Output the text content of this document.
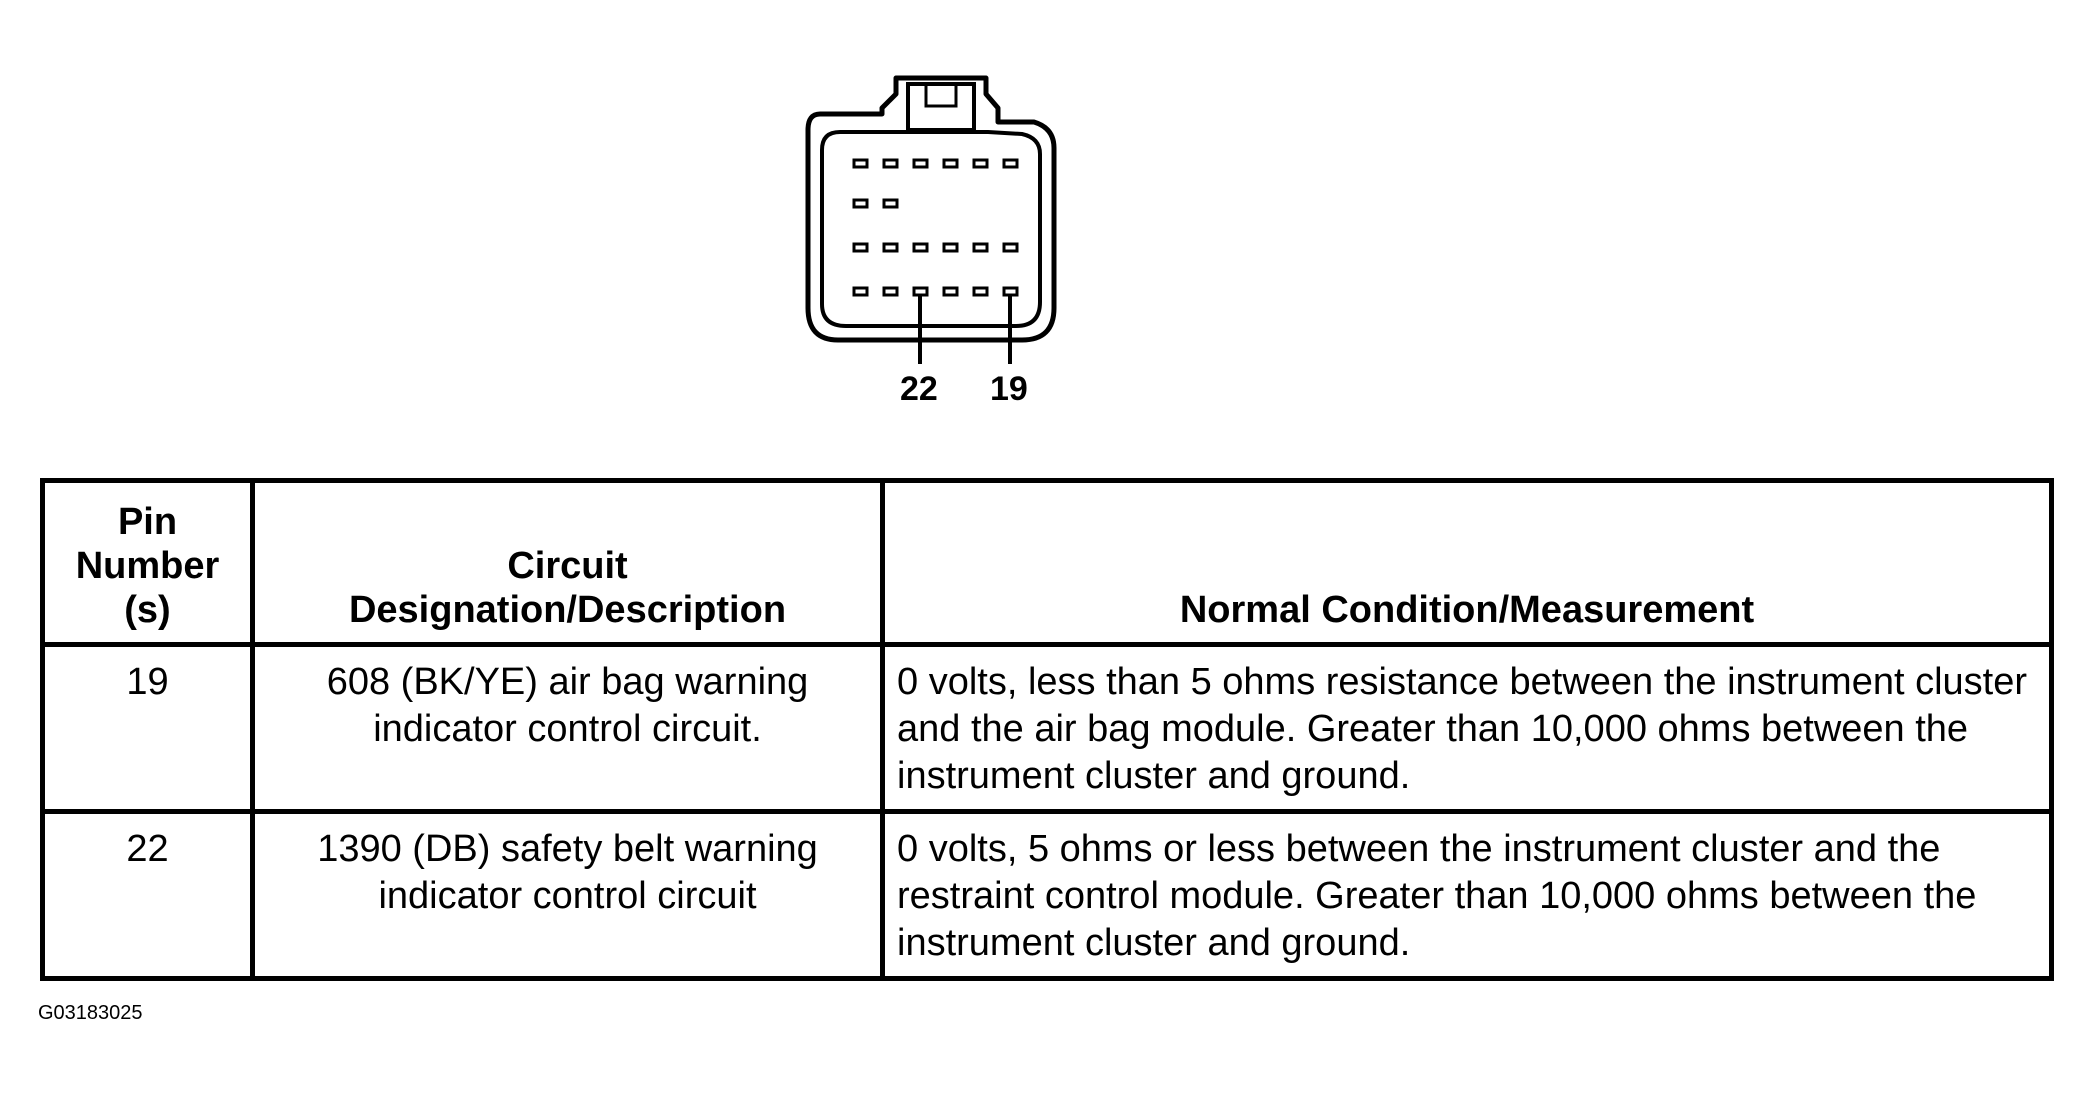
22 19
Pin Number (s)	Circuit Designation/Description	Normal Condition/Measurement
19	608 (BK/YE) air bag warning indicator control circuit.	0 volts, less than 5 ohms resistance between the instrument cluster and the air bag module. Greater than 10,000 ohms between the instrument cluster and ground.
22	1390 (DB) safety belt warning indicator control circuit	0 volts, 5 ohms or less between the instrument cluster and the restraint control module. Greater than 10,000 ohms between the instrument cluster and ground.
G03183025
